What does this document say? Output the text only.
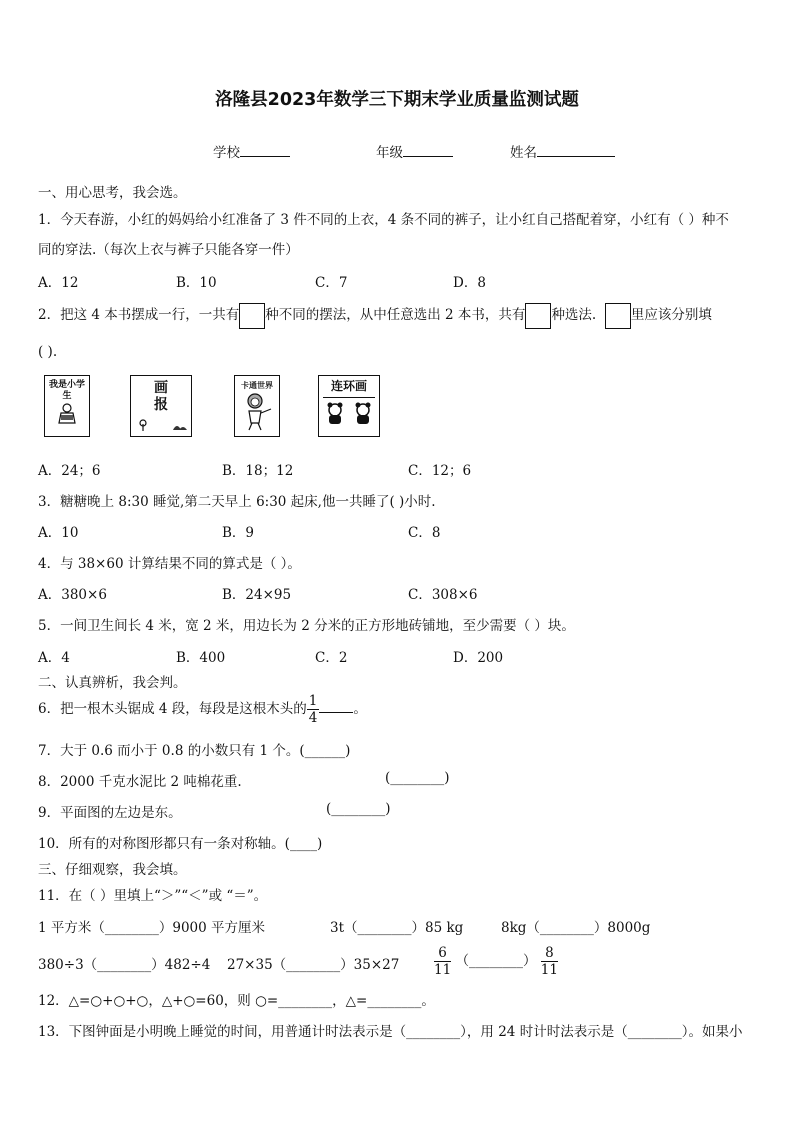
洛隆县2023年数学三下期末学业质量监测试题
学校	年级	姓名
一、用心思考，我会选。
1．今天春游，小红的妈妈给小红准备了 3 件不同的上衣，4 条不同的裤子，让小红自己搭配着穿，小红有（ ）种不
同的穿法.（每次上衣与裤子只能各穿一件）
A．12	B．10	C．7	D．8
2．把这 4 本书摆成一行，一共有 种不同的摆法，从中任意选出 2 本书，共有 种选法.	里应该分别填
( ).
我是小学生	画报
卡通世界	连环画
A．24；6	B．18；12	C．12；6
3．糖糖晚上 8:30 睡觉,第二天早上 6:30 起床,他一共睡了( )小时.
A．10	B．9	C．8
4．与 38×60 计算结果不同的算式是（ ）。
A．380×6	B．24×95	C．308×6
5．一间卫生间长 4 米，宽 2 米，用边长为 2 分米的正方形地砖铺地，至少需要（ ）块。
A．4	B．400	C．2	D．200
二、认真辨析，我会判。
6．把一根木头锯成 4 段，每段是这根木头的 $\frac{1}{4}$	。
7．大于 0.6 而小于 0.8 的小数只有 1 个。(______)
8．2000 千克水泥比 2 吨棉花重.	(________)
9．平面图的左边是东。	(________)
10．所有的对称图形都只有一条对称轴。(____)
三、仔细观察，我会填。
11．在（ ）里填上“＞”“＜”或 “＝”。
1 平方米（________）9000 平方厘米	3t（________）85 kg	8kg（________）8000g
380÷3（________）482÷4 27×35（________）35×27	$\frac{6}{11}$ （________） $\frac{8}{11}$
12．△=○+○+○，△+○=60，则 ○=________，△=________。
13．下图钟面是小明晚上睡觉的时间，用普通计时法表示是（________），用 24 时计时法表示是（________）。如果小
